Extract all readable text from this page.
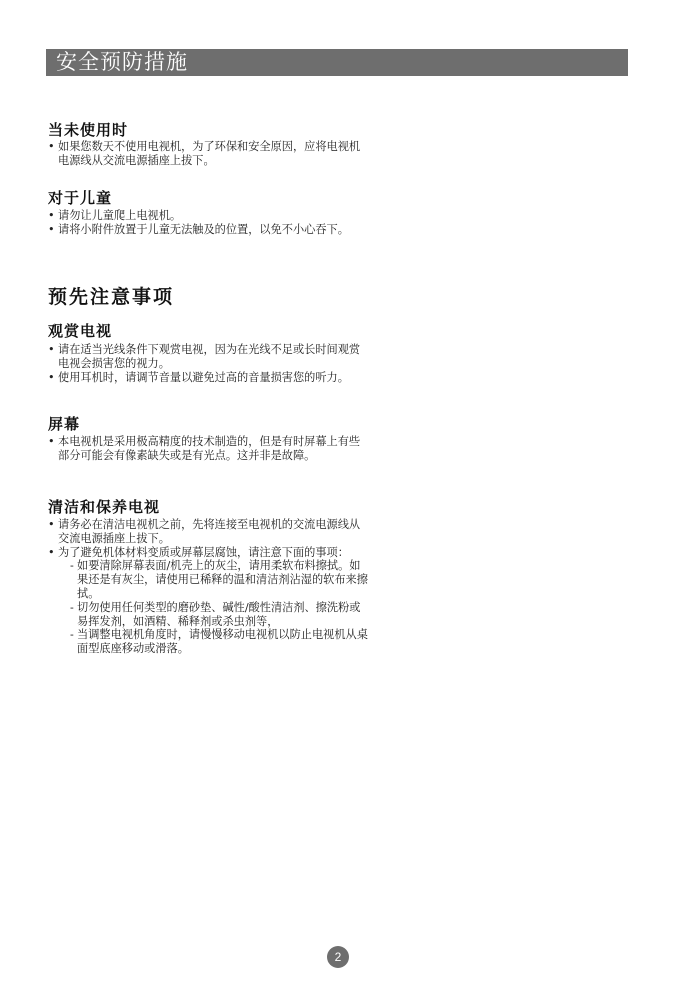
安全预防措施
当未使用时
• 如果您数天不使用电视机，为了环保和安全原因，应将电视机电源线从交流电源插座上拔下。
对于儿童
• 请勿让儿童爬上电视机。
• 请将小附件放置于儿童无法触及的位置，以免不小心吞下。
预先注意事项
观赏电视
• 请在适当光线条件下观赏电视，因为在光线不足或长时间观赏电视会损害您的视力。
• 使用耳机时，请调节音量以避免过高的音量损害您的听力。
屏幕
• 本电视机是采用极高精度的技术制造的，但是有时屏幕上有些部分可能会有像素缺失或是有光点。这并非是故障。
清洁和保养电视
• 请务必在清洁电视机之前，先将连接至电视机的交流电源线从交流电源插座上拔下。
• 为了避免机体材料变质或屏幕层腐蚀，请注意下面的事项：
- 如要清除屏幕表面/机壳上的灰尘，请用柔软布料擦拭。如果还是有灰尘，请使用已稀释的温和清洁剂沾湿的软布来擦拭。
- 切勿使用任何类型的磨砂垫、碱性/酸性清洁剂、擦洗粉或易挥发剂，如酒精、稀释剂或杀虫剂等，
- 当调整电视机角度时，请慢慢移动电视机以防止电视机从桌面型底座移动或滑落。
2
